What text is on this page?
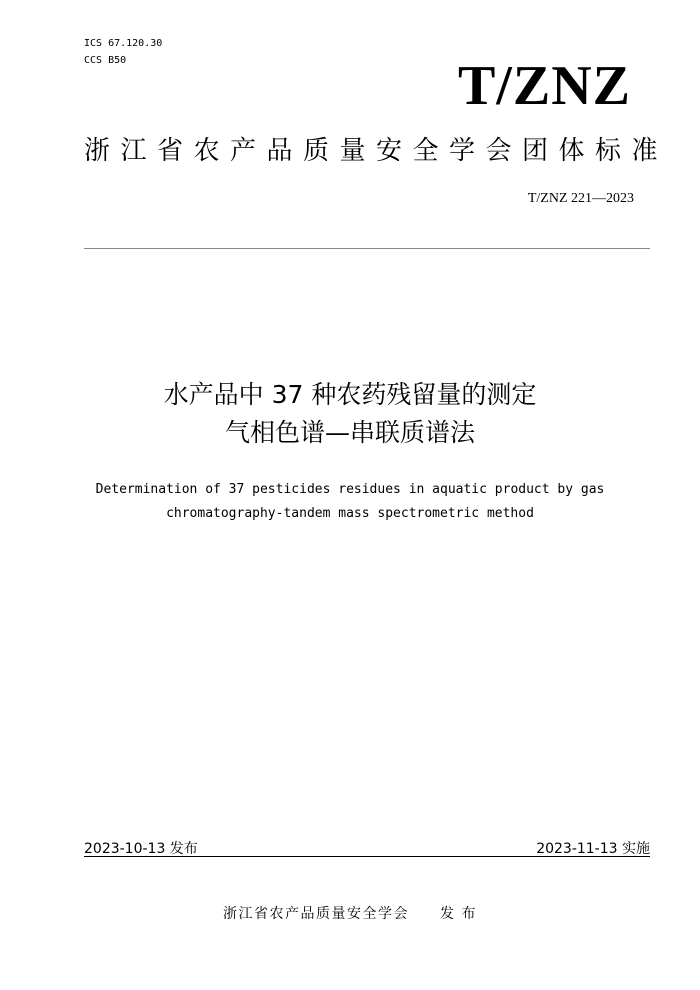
ICS 67.120.30
CCS B50	T/ZNZ
浙江省农产品质量安全学会团体标准
T/ZNZ 221—2023
水产品中 37 种农药残留量的测定
气相色谱—串联质谱法
Determination of 37 pesticides residues in aquatic product by gas
chromatography-tandem mass spectrometric method
2023-10-13 发布	2023-11-13 实施
浙江省农产品质量安全学会　　发 布
